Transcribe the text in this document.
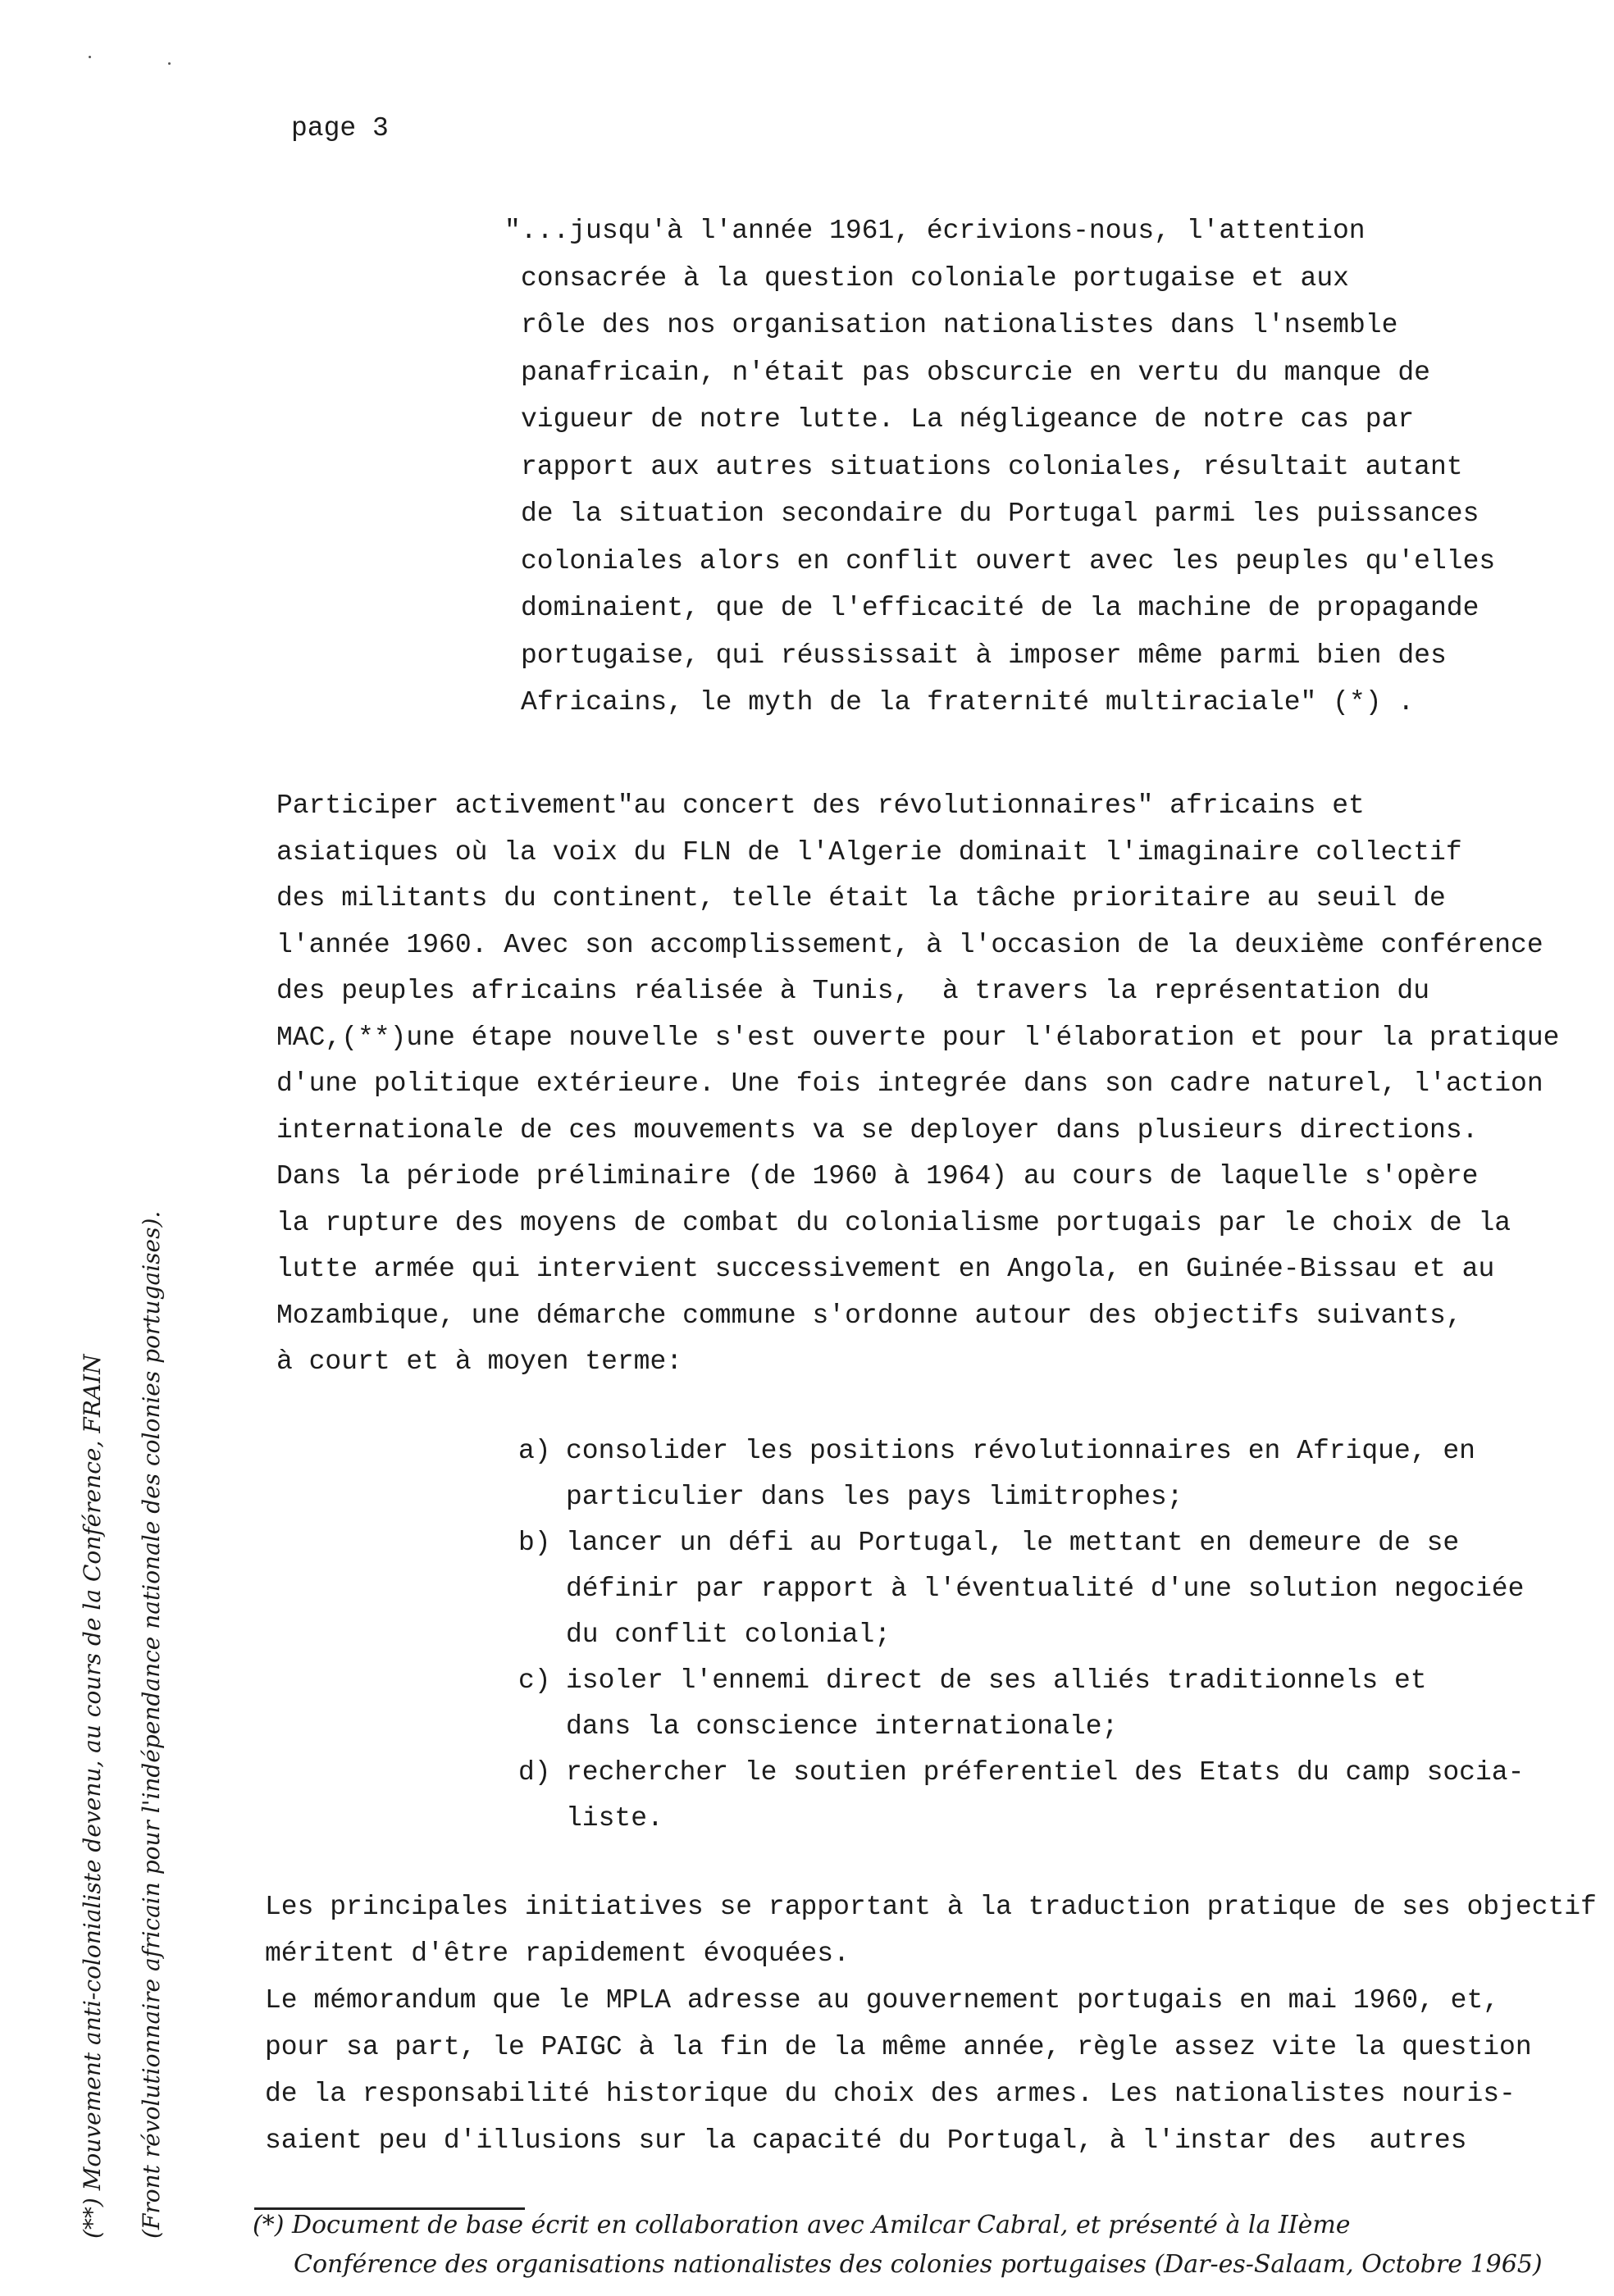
page 3
"...jusqu'à l'année 1961, écrivions-nous, l'attention
consacrée à la question coloniale portugaise et aux
rôle des nos organisation nationalistes dans l'nsemble
panafricain, n'était pas obscurcie en vertu du manque de
vigueur de notre lutte. La négligeance de notre cas par
rapport aux autres situations coloniales, résultait autant
de la situation secondaire du Portugal parmi les puissances
coloniales alors en conflit ouvert avec les peuples qu'elles
dominaient, que de l'efficacité de la machine de propagande
portugaise, qui réussissait à imposer même parmi bien des
Africains, le myth de la fraternité multiraciale" (*) .
Participer activement"au concert des révolutionnaires" africains et
asiatiques où la voix du FLN de l'Algerie dominait l'imaginaire collectif
des militants du continent, telle était la tâche prioritaire au seuil de
l'année 1960. Avec son accomplissement, à l'occasion de la deuxième conférence
des peuples africains réalisée à Tunis,  à travers la représentation du
MAC,(**)une étape nouvelle s'est ouverte pour l'élaboration et pour la pratique
d'une politique extérieure. Une fois integrée dans son cadre naturel, l'action
internationale de ces mouvements va se deployer dans plusieurs directions.
Dans la période préliminaire (de 1960 à 1964) au cours de laquelle s'opère
la rupture des moyens de combat du colonialisme portugais par le choix de la
lutte armée qui intervient successivement en Angola, en Guinée-Bissau et au
Mozambique, une démarche commune s'ordonne autour des objectifs suivants,
à court et à moyen terme:
a) consolider les positions révolutionnaires en Afrique, en
particulier dans les pays limitrophes;
b) lancer un défi au Portugal, le mettant en demeure de se
définir par rapport à l'éventualité d'une solution negociée
du conflit colonial;
c) isoler l'ennemi direct de ses alliés traditionnels et
dans la conscience internationale;
d) rechercher le soutien préferentiel des Etats du camp socia-
liste.
Les principales initiatives se rapportant à la traduction pratique de ses objectif
méritent d'être rapidement évoquées.
Le mémorandum que le MPLA adresse au gouvernement portugais en mai 1960, et,
pour sa part, le PAIGC à la fin de la même année, règle assez vite la question
de la responsabilité historique du choix des armes. Les nationalistes nouris-
saient peu d'illusions sur la capacité du Portugal, à l'instar des  autres
(*) Document de base écrit en collaboration avec Amilcar Cabral, et présenté à la IIème
Conférence des organisations nationalistes des colonies portugaises (Dar-es-Salaam, Octobre 1965)
(**) Mouvement anti-colonialiste devenu, au cours de la Conférence, FRAIN (Front révolutionnaire africain pour l'indépendance nationale des colonies portugaises).
